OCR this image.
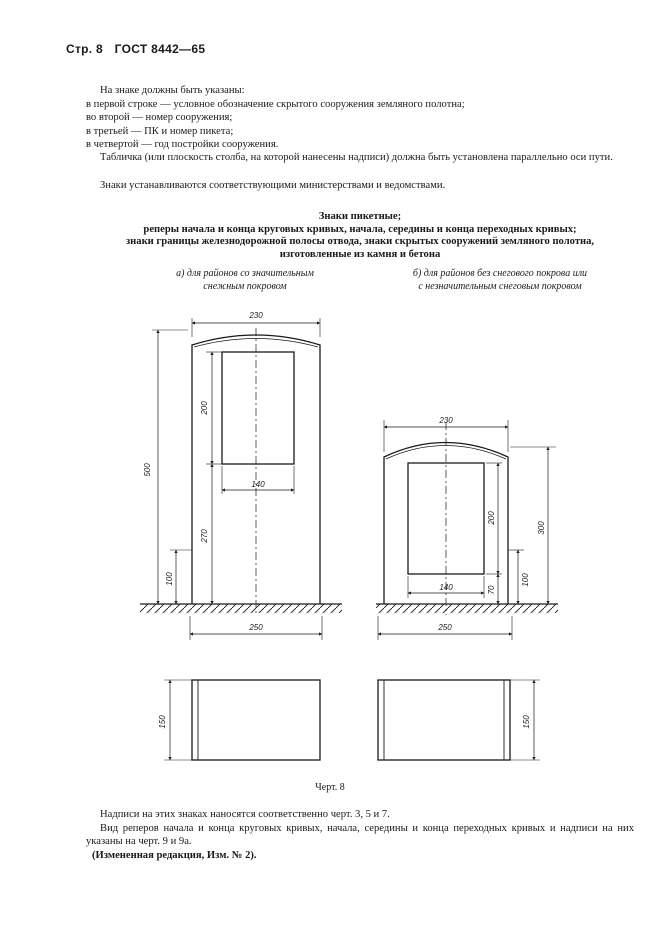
Стр. 8 ГОСТ 8442—65
На знаке должны быть указаны:
в первой строке — условное обозначение скрытого сооружения земляного полотна;
во второй — номер сооружения;
в третьей — ПК и номер пикета;
в четвертой — год постройки сооружения.
Табличка (или плоскость столба, на которой нанесены надписи) должна быть установлена параллельно оси пути.
Знаки устанавливаются соответствующими министерствами и ведомствами.
Знаки пикетные;
реперы начала и конца круговых кривых, начала, середины и конца переходных кривых;
знаки границы железнодорожной полосы отвода, знаки скрытых сооружений земляного полотна,
изготовленные из камня и бетона
а) для районов со значительным
снежным покровом
б) для районов без снегового покрова или
с незначительным снеговым покровом
230
500
200
270
100
140
250
150
230
300
200
70
100
140
250
150
Черт. 8
Надписи на этих знаках наносятся соответственно черт. 3, 5 и 7.
Вид реперов начала и конца круговых кривых, начала, середины и конца переходных кривых и надписи на них указаны на черт. 9 и 9а.
(Измененная редакция, Изм. № 2).
